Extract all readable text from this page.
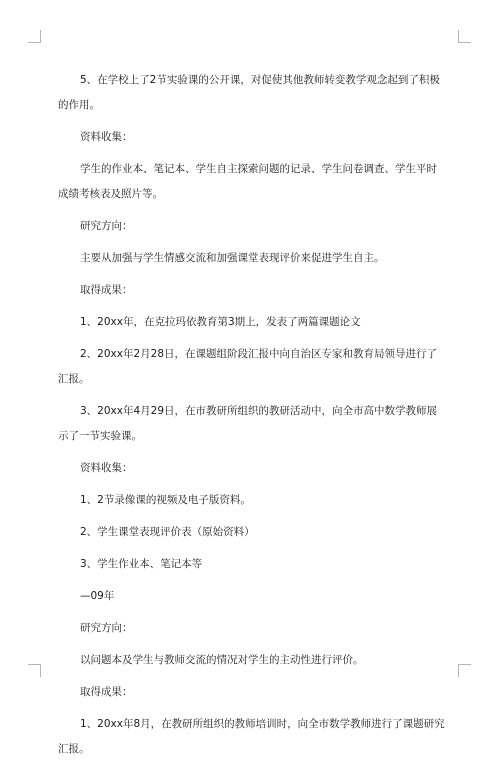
5、在学校上了2节实验课的公开课，对促使其他教师转变教学观念起到了积极的作用。

资料收集：

学生的作业本、笔记本、学生自主探索问题的记录、学生问卷调查、学生平时成绩考核表及照片等。

研究方向：

主要从加强与学生情感交流和加强课堂表现评价来促进学生自主。

取得成果：

1、20xx年，在克拉玛依教育第3期上，发表了两篇课题论文

2、20xx年2月28日，在课题组阶段汇报中向自治区专家和教育局领导进行了汇报。

3、20xx年4月29日，在市教研所组织的教研活动中，向全市高中数学教师展示了一节实验课。

资料收集：

1、2节录像课的视频及电子版资料。

2、学生课堂表现评价表（原始资料）

3、学生作业本、笔记本等

—09年

研究方向：

以问题本及学生与教师交流的情况对学生的主动性进行评价。

取得成果：

1、20xx年8月，在教研所组织的教师培训时，向全市数学教师进行了课题研究汇报。
